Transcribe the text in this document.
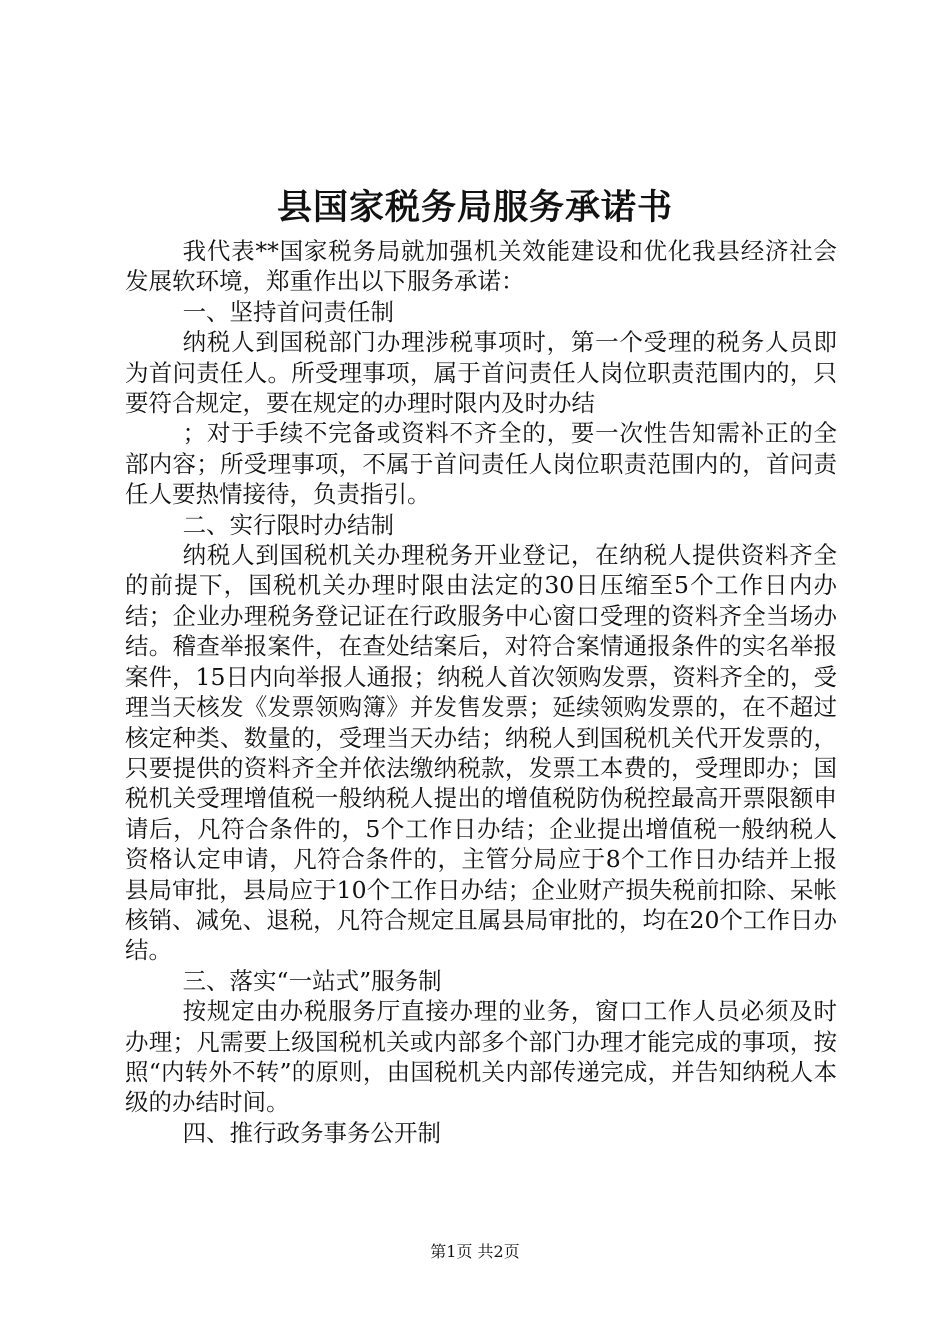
县国家税务局服务承诺书

我代表**国家税务局就加强机关效能建设和优化我县经济社会发展软环境，郑重作出以下服务承诺：

一、坚持首问责任制

纳税人到国税部门办理涉税事项时，第一个受理的税务人员即为首问责任人。所受理事项，属于首问责任人岗位职责范围内的，只要符合规定，要在规定的办理时限内及时办结

；对于手续不完备或资料不齐全的，要一次性告知需补正的全部内容；所受理事项，不属于首问责任人岗位职责范围内的，首问责任人要热情接待，负责指引。

二、实行限时办结制

纳税人到国税机关办理税务开业登记，在纳税人提供资料齐全的前提下，国税机关办理时限由法定的30日压缩至5个工作日内办结；企业办理税务登记证在行政服务中心窗口受理的资料齐全当场办结。稽查举报案件，在查处结案后，对符合案情通报条件的实名举报案件，15日内向举报人通报；纳税人首次领购发票，资料齐全的，受理当天核发《发票领购簿》并发售发票；延续领购发票的，在不超过核定种类、数量的，受理当天办结；纳税人到国税机关代开发票的，只要提供的资料齐全并依法缴纳税款，发票工本费的，受理即办；国税机关受理增值税一般纳税人提出的增值税防伪税控最高开票限额申请后，凡符合条件的，5个工作日办结；企业提出增值税一般纳税人资格认定申请，凡符合条件的，主管分局应于8个工作日办结并上报县局审批，县局应于10个工作日办结；企业财产损失税前扣除、呆帐核销、减免、退税，凡符合规定且属县局审批的，均在20个工作日办结。

三、落实“一站式”服务制

按规定由办税服务厅直接办理的业务，窗口工作人员必须及时办理；凡需要上级国税机关或内部多个部门办理才能完成的事项，按照“内转外不转”的原则，由国税机关内部传递完成，并告知纳税人本级的办结时间。

四、推行政务事务公开制

第1页 共2页
